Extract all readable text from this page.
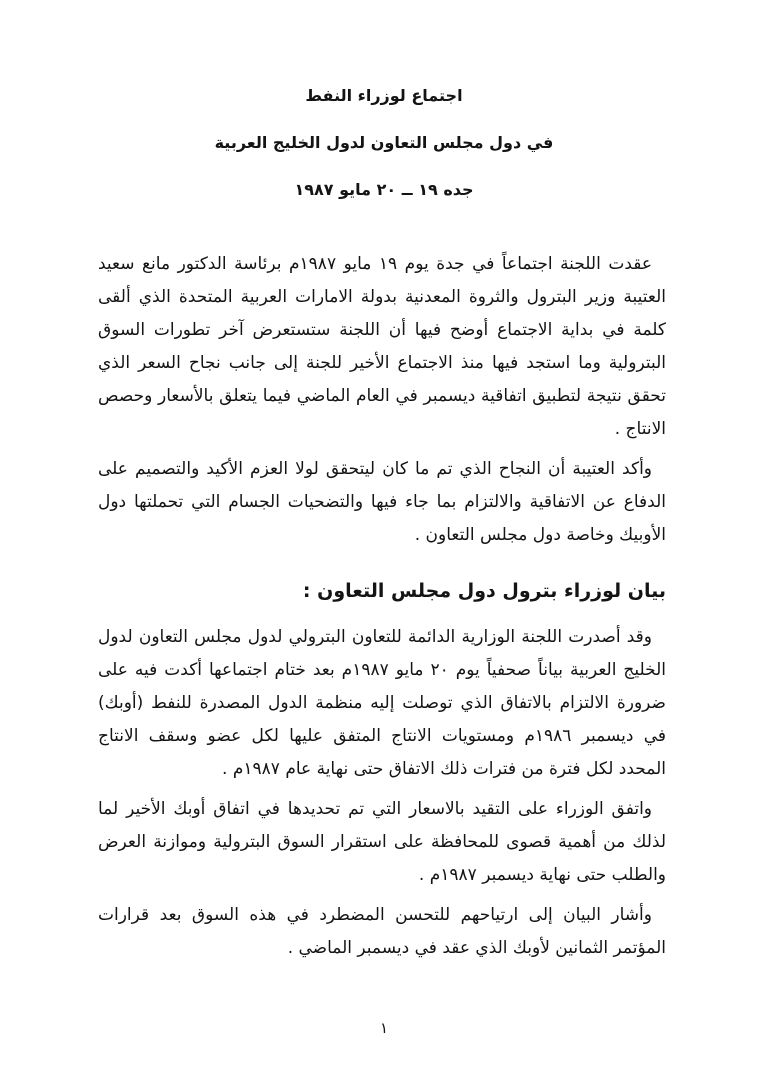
اجتماع لوزراء النفط
في دول مجلس التعاون لدول الخليج العربية
جده ١٩ ــ ٢٠ مايو ١٩٨٧

عقدت اللجنة اجتماعاً في جدة يوم ١٩ مايو ١٩٨٧م برئاسة الدكتور مانع سعيد العتيبة وزير البترول والثروة المعدنية بدولة الامارات العربية المتحدة الذي ألقى كلمة في بداية الاجتماع أوضح فيها أن اللجنة ستستعرض آخر تطورات السوق البترولية وما استجد فيها منذ الاجتماع الأخير للجنة إلى جانب نجاح السعر الذي تحقق نتيجة لتطبيق اتفاقية ديسمبر في العام الماضي فيما يتعلق بالأسعار وحصص الانتاج .

وأكد العتيبة أن النجاح الذي تم ما كان ليتحقق لولا العزم الأكيد والتصميم على الدفاع عن الاتفاقية والالتزام بما جاء فيها والتضحيات الجسام التي تحملتها دول الأوبيك وخاصة دول مجلس التعاون .

بيان لوزراء بترول دول مجلس التعاون :

وقد أصدرت اللجنة الوزارية الدائمة للتعاون البترولي لدول مجلس التعاون لدول الخليج العربية بياناً صحفياً يوم ٢٠ مايو ١٩٨٧م بعد ختام اجتماعها أكدت فيه على ضرورة الالتزام بالاتفاق الذي توصلت إليه منظمة الدول المصدرة للنفط (أوبك) في ديسمبر ١٩٨٦م ومستويات الانتاج المتفق عليها لكل عضو وسقف الانتاج المحدد لكل فترة من فترات ذلك الاتفاق حتى نهاية عام ١٩٨٧م .

واتفق الوزراء على التقيد بالاسعار التي تم تحديدها في اتفاق أوبك الأخير لما لذلك من أهمية قصوى للمحافظة على استقرار السوق البترولية وموازنة العرض والطلب حتى نهاية ديسمبر ١٩٨٧م .

وأشار البيان إلى ارتياحهم للتحسن المضطرد في هذه السوق بعد قرارات المؤتمر الثمانين لأوبك الذي عقد في ديسمبر الماضي .

١
